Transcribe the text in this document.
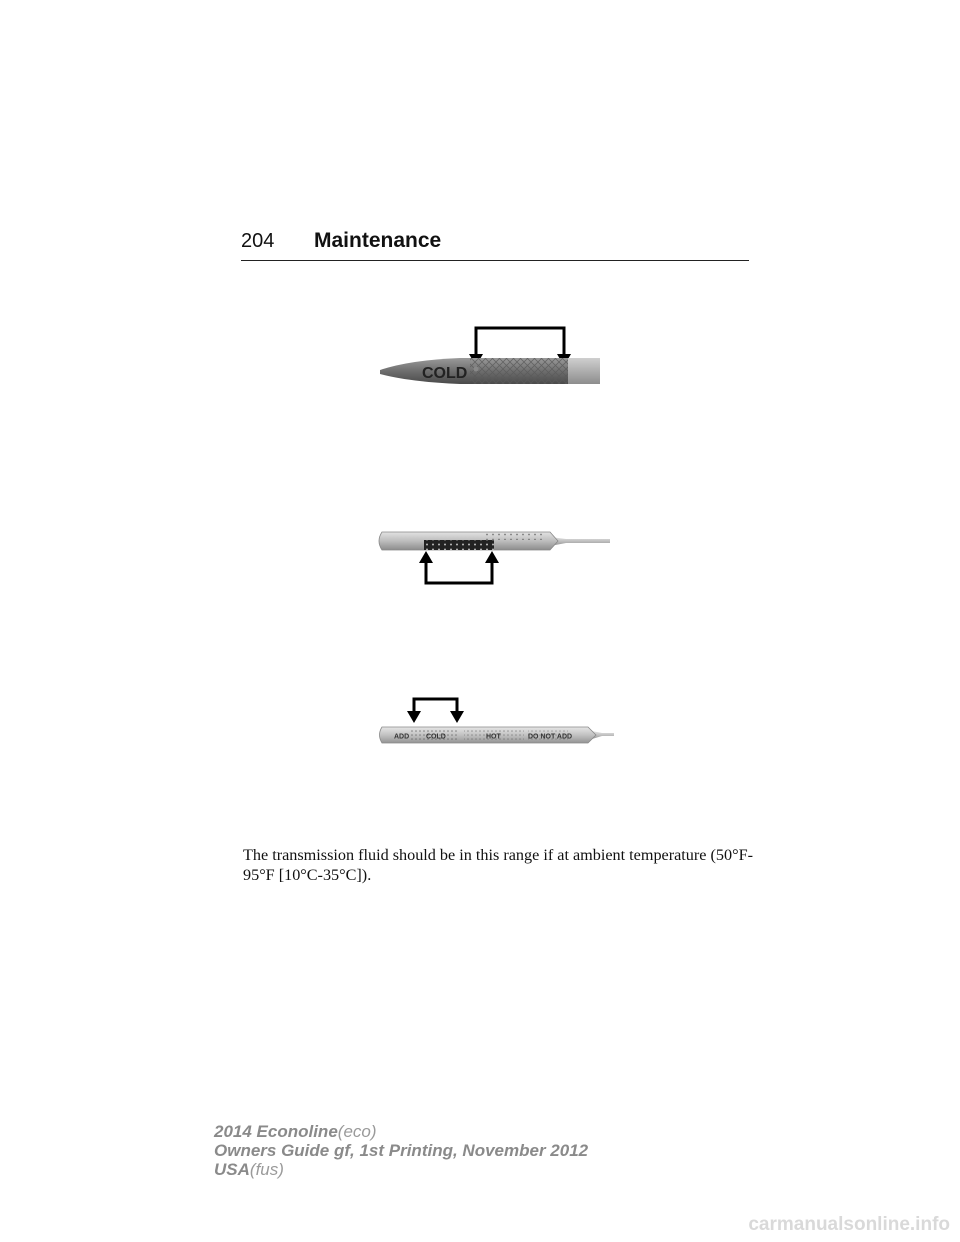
204 Maintenance
COLD
ADD COLD	HOT	DO NOT ADD

The transmission fluid should be in this range if at ambient temperature (50°F-95°F [10°C-35°C]).

2014 Econoline(eco)
Owners Guide gf, 1st Printing, November 2012
USA(fus)
carmanualsonline.info
